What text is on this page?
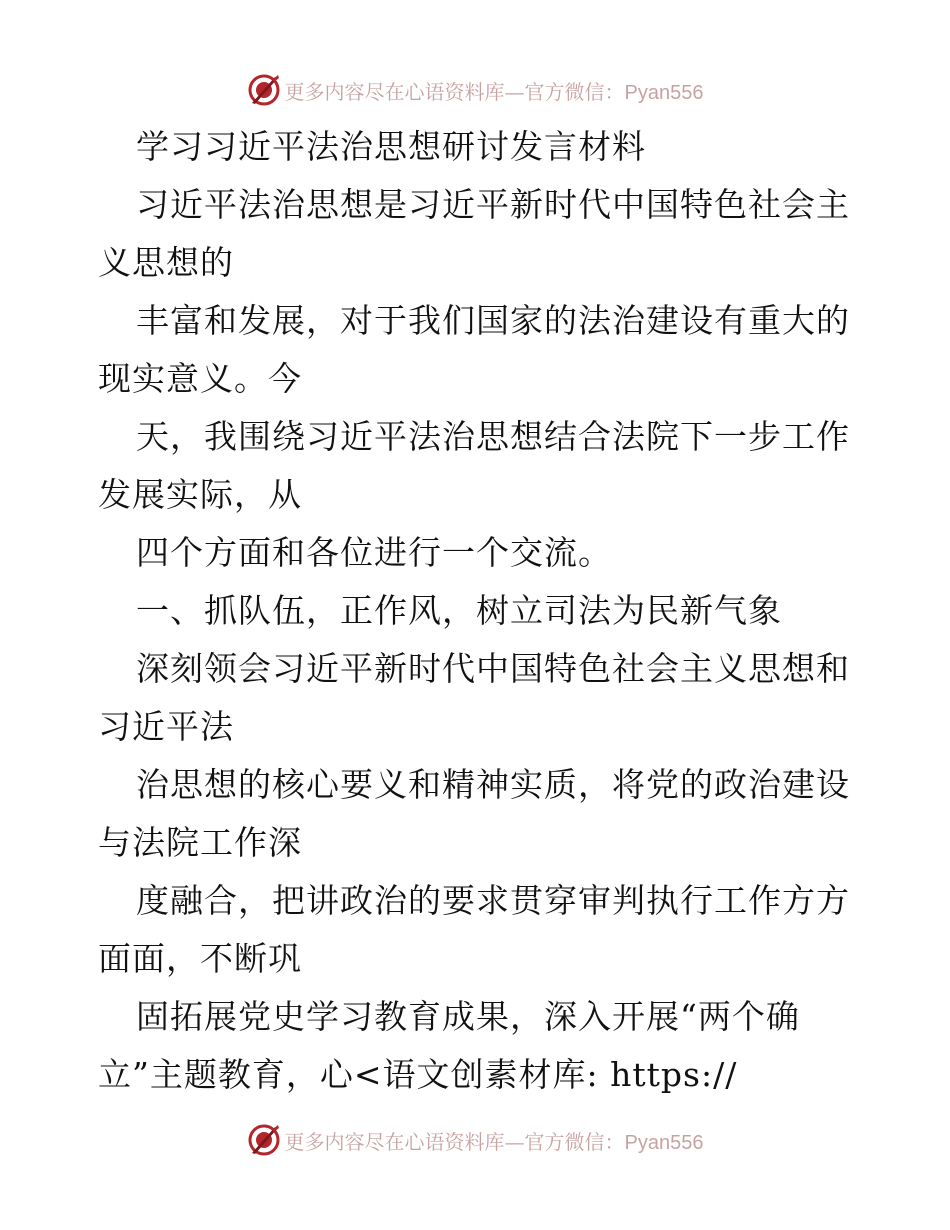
更多内容尽在心语资料库—官方微信：Pyan556
学习习近平法治思想研讨发言材料
习近平法治思想是习近平新时代中国特色社会主
义思想的
丰富和发展，对于我们国家的法治建设有重大的
现实意义。今
天，我围绕习近平法治思想结合法院下一步工作
发展实际，从
四个方面和各位进行一个交流。
一、抓队伍，正作风，树立司法为民新气象
深刻领会习近平新时代中国特色社会主义思想和
习近平法
治思想的核心要义和精神实质，将党的政治建设
与法院工作深
度融合，把讲政治的要求贯穿审判执行工作方方
面面，不断巩
固拓展党史学习教育成果，深入开展“两个确
立”主题教育，心<语文创素材库: https://
更多内容尽在心语资料库—官方微信：Pyan556
